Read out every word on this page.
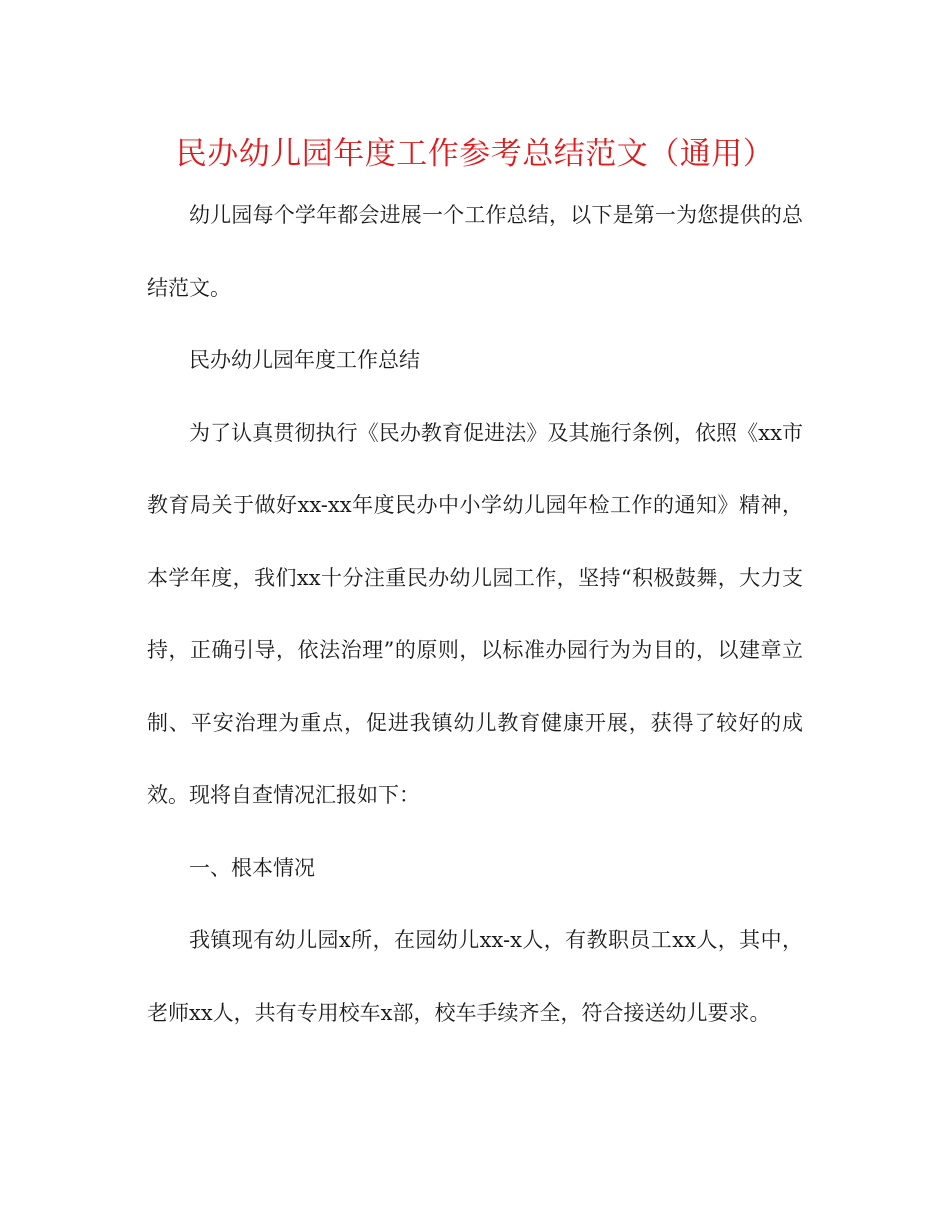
民办幼儿园年度工作参考总结范文（通用）

幼儿园每个学年都会进展一个工作总结，以下是第一为您提供的总结范文。

民办幼儿园年度工作总结

为了认真贯彻执行《民办教育促进法》及其施行条例，依照《xx市教育局关于做好xx-xx年度民办中小学幼儿园年检工作的通知》精神，本学年度，我们xx十分注重民办幼儿园工作，坚持“积极鼓舞，大力支持，正确引导，依法治理”的原则，以标准办园行为为目的，以建章立制、平安治理为重点，促进我镇幼儿教育健康开展，获得了较好的成效。现将自查情况汇报如下：

一、根本情况

我镇现有幼儿园x所，在园幼儿xx-x人，有教职员工xx人，其中，老师xx人，共有专用校车x部，校车手续齐全，符合接送幼儿要求。
